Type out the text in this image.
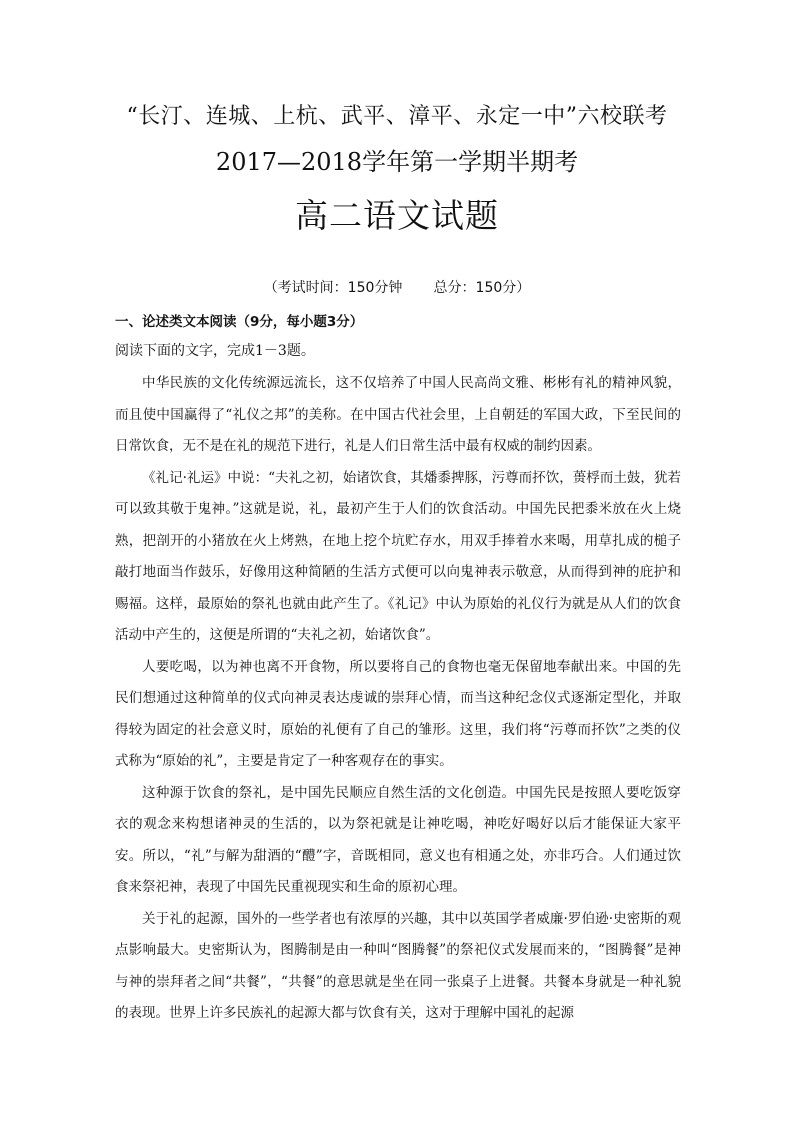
“长汀、连城、上杭、武平、漳平、永定一中”六校联考
2017—2018学年第一学期半期考
高二语文试题
（考试时间：150分钟       总分：150分）
一、论述类文本阅读（9分，每小题3分）
阅读下面的文字，完成1－3题。

中华民族的文化传统源远流长，这不仅培养了中国人民高尚文雅、彬彬有礼的精神风貌，而且使中国赢得了“礼仪之邦”的美称。在中国古代社会里，上自朝廷的军国大政，下至民间的日常饮食，无不是在礼的规范下进行，礼是人们日常生活中最有权威的制约因素。

《礼记·礼运》中说：“夫礼之初，始诸饮食，其燔黍捭豚，污尊而抔饮，蒉桴而土鼓，犹若可以致其敬于鬼神。”这就是说，礼，最初产生于人们的饮食活动。中国先民把黍米放在火上烧熟，把剖开的小猪放在火上烤熟，在地上挖个坑贮存水，用双手捧着水来喝，用草扎成的槌子敲打地面当作鼓乐，好像用这种简陋的生活方式便可以向鬼神表示敬意，从而得到神的庇护和赐福。这样，最原始的祭礼也就由此产生了。《礼记》中认为原始的礼仪行为就是从人们的饮食活动中产生的，这便是所谓的“夫礼之初，始诸饮食”。

人要吃喝，以为神也离不开食物，所以要将自己的食物也毫无保留地奉献出来。中国的先民们想通过这种简单的仪式向神灵表达虔诚的崇拜心情，而当这种纪念仪式逐渐定型化，并取得较为固定的社会意义时，原始的礼便有了自己的雏形。这里，我们将“污尊而抔饮”之类的仪式称为“原始的礼”，主要是肯定了一种客观存在的事实。

这种源于饮食的祭礼，是中国先民顺应自然生活的文化创造。中国先民是按照人要吃饭穿衣的观念来构想诸神灵的生活的，以为祭祀就是让神吃喝，神吃好喝好以后才能保证大家平安。所以，“礼”与解为甜酒的“醴”字，音既相同，意义也有相通之处，亦非巧合。人们通过饮食来祭祀神，表现了中国先民重视现实和生命的原初心理。

关于礼的起源，国外的一些学者也有浓厚的兴趣，其中以英国学者威廉·罗伯逊·史密斯的观点影响最大。史密斯认为，图腾制是由一种叫“图腾餐”的祭祀仪式发展而来的，“图腾餐”是神与神的崇拜者之间“共餐”，“共餐”的意思就是坐在同一张桌子上进餐。共餐本身就是一种礼貌的表现。世界上许多民族礼的起源大都与饮食有关，这对于理解中国礼的起源
